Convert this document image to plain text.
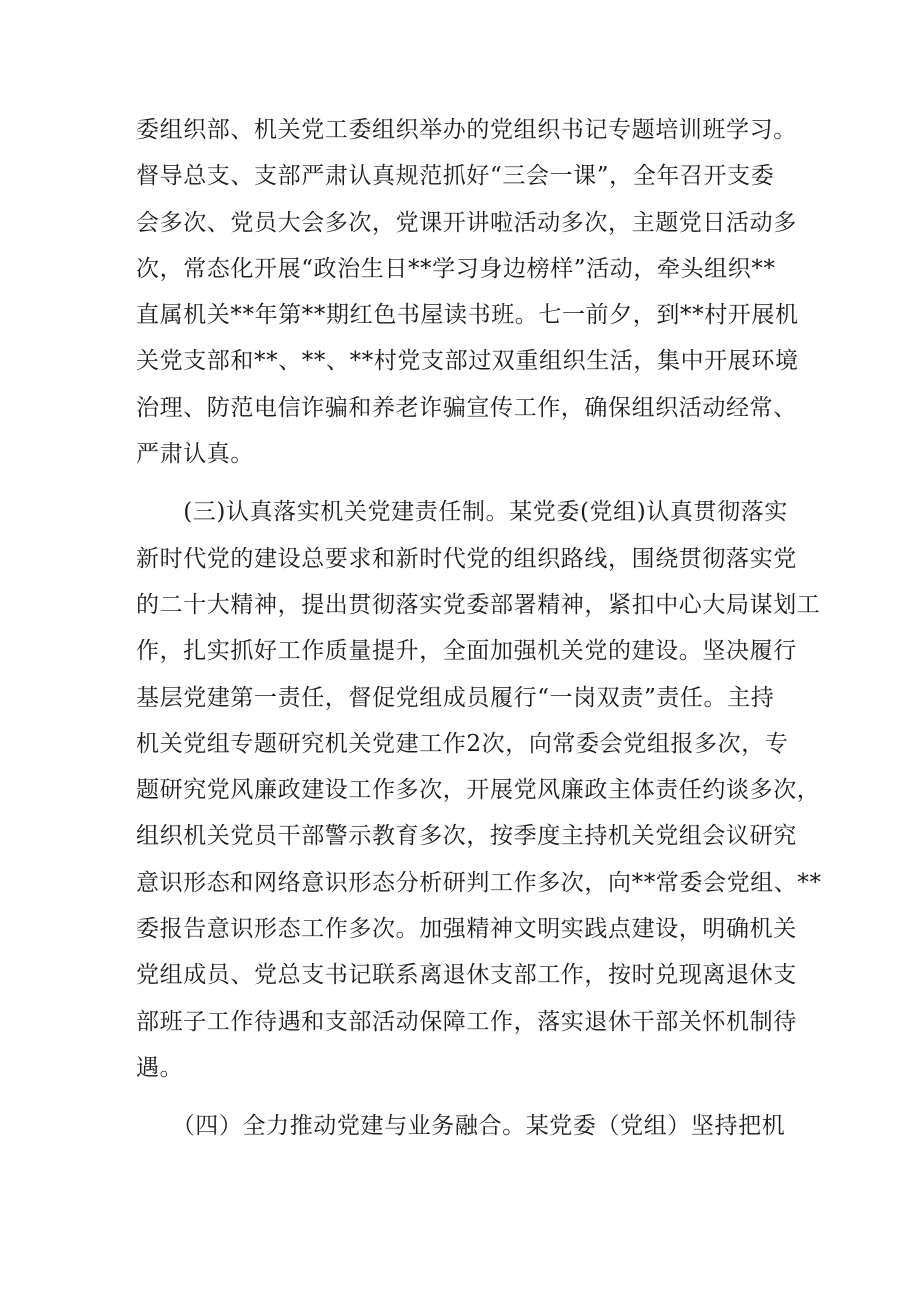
委组织部、机关党工委组织举办的党组织书记专题培训班学习。
督导总支、支部严肃认真规范抓好“三会一课”，全年召开支委
会多次、党员大会多次，党课开讲啦活动多次，主题党日活动多
次，常态化开展“政治生日**学习身边榜样”活动，牵头组织**
直属机关**年第**期红色书屋读书班。七一前夕，到**村开展机
关党支部和**、**、**村党支部过双重组织生活，集中开展环境
治理、防范电信诈骗和养老诈骗宣传工作，确保组织活动经常、
严肃认真。
　　(三)认真落实机关党建责任制。某党委(党组)认真贯彻落实
新时代党的建设总要求和新时代党的组织路线，围绕贯彻落实党
的二十大精神，提出贯彻落实党委部署精神，紧扣中心大局谋划工
作，扎实抓好工作质量提升，全面加强机关党的建设。坚决履行
基层党建第一责任，督促党组成员履行“一岗双责”责任。主持
机关党组专题研究机关党建工作2次，向常委会党组报多次，专
题研究党风廉政建设工作多次，开展党风廉政主体责任约谈多次，
组织机关党员干部警示教育多次，按季度主持机关党组会议研究
意识形态和网络意识形态分析研判工作多次，向**常委会党组、**
委报告意识形态工作多次。加强精神文明实践点建设，明确机关
党组成员、党总支书记联系离退休支部工作，按时兑现离退休支
部班子工作待遇和支部活动保障工作，落实退休干部关怀机制待
遇。
　　（四）全力推动党建与业务融合。某党委（党组）坚持把机
